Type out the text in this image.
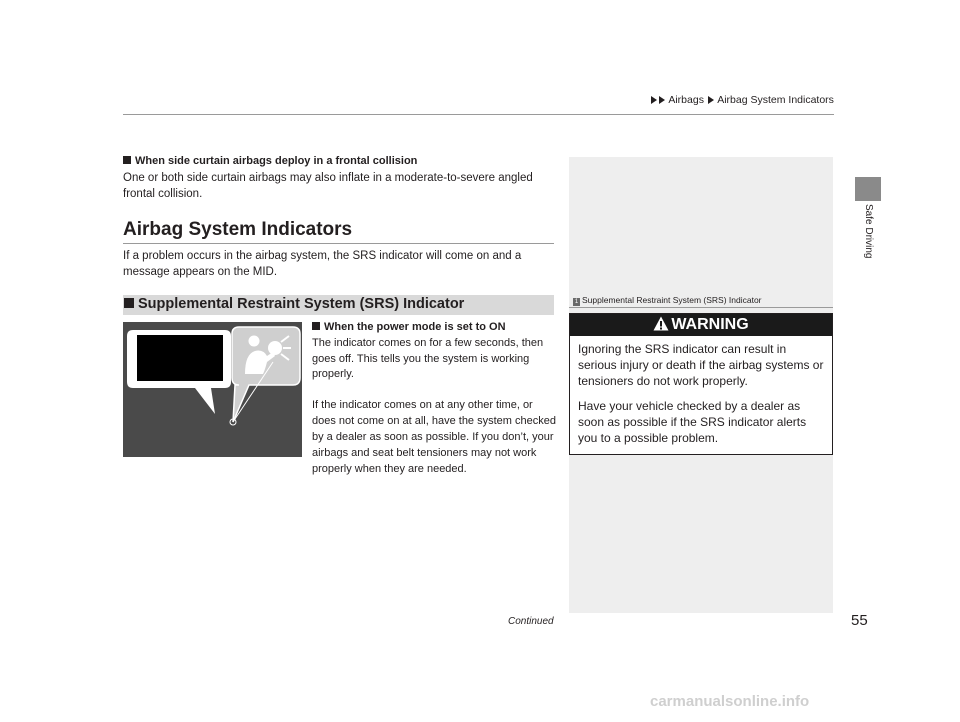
Airbags Airbag System Indicators
Safe Driving
When side curtain airbags deploy in a frontal collision
One or both side curtain airbags may also inflate in a moderate-to-severe angled frontal collision.
Airbag System Indicators
If a problem occurs in the airbag system, the SRS indicator will come on and a message appears on the MID.
Supplemental Restraint System (SRS) Indicator
When the power mode is set to ON
The indicator comes on for a few seconds, then goes off. This tells you the system is working properly.
If the indicator comes on at any other time, or does not come on at all, have the system checked by a dealer as soon as possible. If you don’t, your airbags and seat belt tensioners may not work properly when they are needed.
1 Supplemental Restraint System (SRS) Indicator
WARNING
Ignoring the SRS indicator can result in serious injury or death if the airbag systems or tensioners do not work properly.
Have your vehicle checked by a dealer as soon as possible if the SRS indicator alerts you to a possible problem.
Continued	55
carmanualsonline.info
